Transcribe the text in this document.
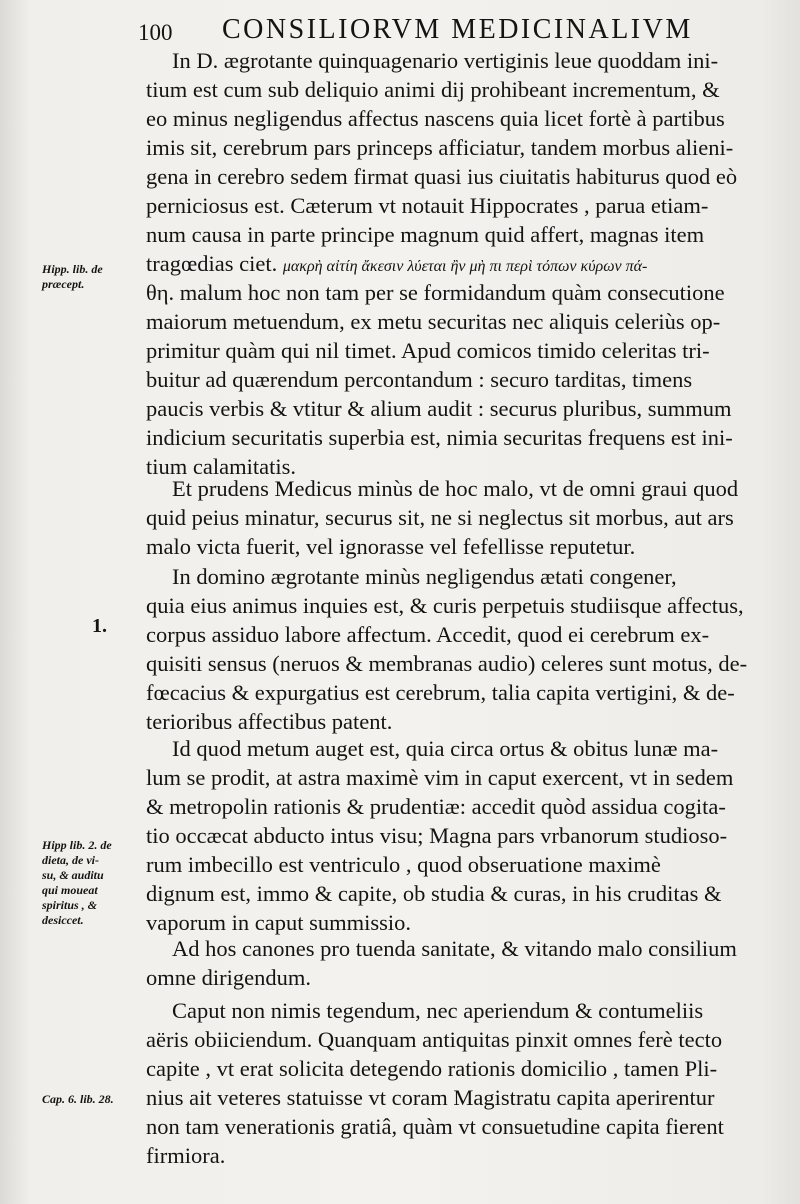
100 CONSILIORVM MEDICINALIVM
Hipp. lib. de
præcept.
1.
Hipp lib. 2. de
dieta, de vi-
su, & auditu
qui moueat
spiritus , &
desiccet.
Cap. 6. lib. 28.
In D. ægrotante quinquagenario vertiginis leue quoddam ini-
tium est cum sub deliquio animi dij prohibeant incrementum, &
eo minus negligendus affectus nascens quia licet fortè à partibus
imis sit, cerebrum pars princeps afficiatur, tandem morbus alieni-
gena in cerebro sedem firmat quasi ius ciuitatis habiturus quod eò
perniciosus est. Cæterum vt notauit Hippocrates , parua etiam-
num causa in parte principe magnum quid affert, magnas item
tragœdias ciet. μακρὴ αἰτίη ἄκεσιν λύεται ἢν μὴ πι περὶ τόπων κύρων πά-
θη. malum hoc non tam per se formidandum quàm consecutione
maiorum metuendum, ex metu securitas nec aliquis celeriùs op-
primitur quàm qui nil timet. Apud comicos timido celeritas tri-
buitur ad quærendum percontandum : securo tarditas, timens
paucis verbis & vtitur & alium audit : securus pluribus, summum
indicium securitatis superbia est, nimia securitas frequens est ini-
tium calamitatis.
Et prudens Medicus minùs de hoc malo, vt de omni graui quod
quid peius minatur, securus sit, ne si neglectus sit morbus, aut ars
malo victa fuerit, vel ignorasse vel fefellisse reputetur.
In domino ægrotante minùs negligendus ætati congener,
quia eius animus inquies est, & curis perpetuis studiisque affectus,
corpus assiduo labore affectum. Accedit, quod ei cerebrum ex-
quisiti sensus (neruos & membranas audio) celeres sunt motus, de-
fœcacius & expurgatius est cerebrum, talia capita vertigini, & de-
terioribus affectibus patent.
Id quod metum auget est, quia circa ortus & obitus lunæ ma-
lum se prodit, at astra maximè vim in caput exercent, vt in sedem
& metropolin rationis & prudentiæ: accedit quòd assidua cogita-
tio occæcat abducto intus visu; Magna pars vrbanorum studioso-
rum imbecillo est ventriculo , quod obseruatione maximè
dignum est, immo & capite, ob studia & curas, in his cruditas &
vaporum in caput summissio.
Ad hos canones pro tuenda sanitate, & vitando malo consilium
omne dirigendum.
Caput non nimis tegendum, nec aperiendum & contumeliis
aëris obiiciendum. Quanquam antiquitas pinxit omnes ferè tecto
capite , vt erat solicita detegendo rationis domicilio , tamen Pli-
nius ait veteres statuisse vt coram Magistratu capita aperirentur
non tam venerationis gratiâ, quàm vt consuetudine capita fierent
firmiora.
